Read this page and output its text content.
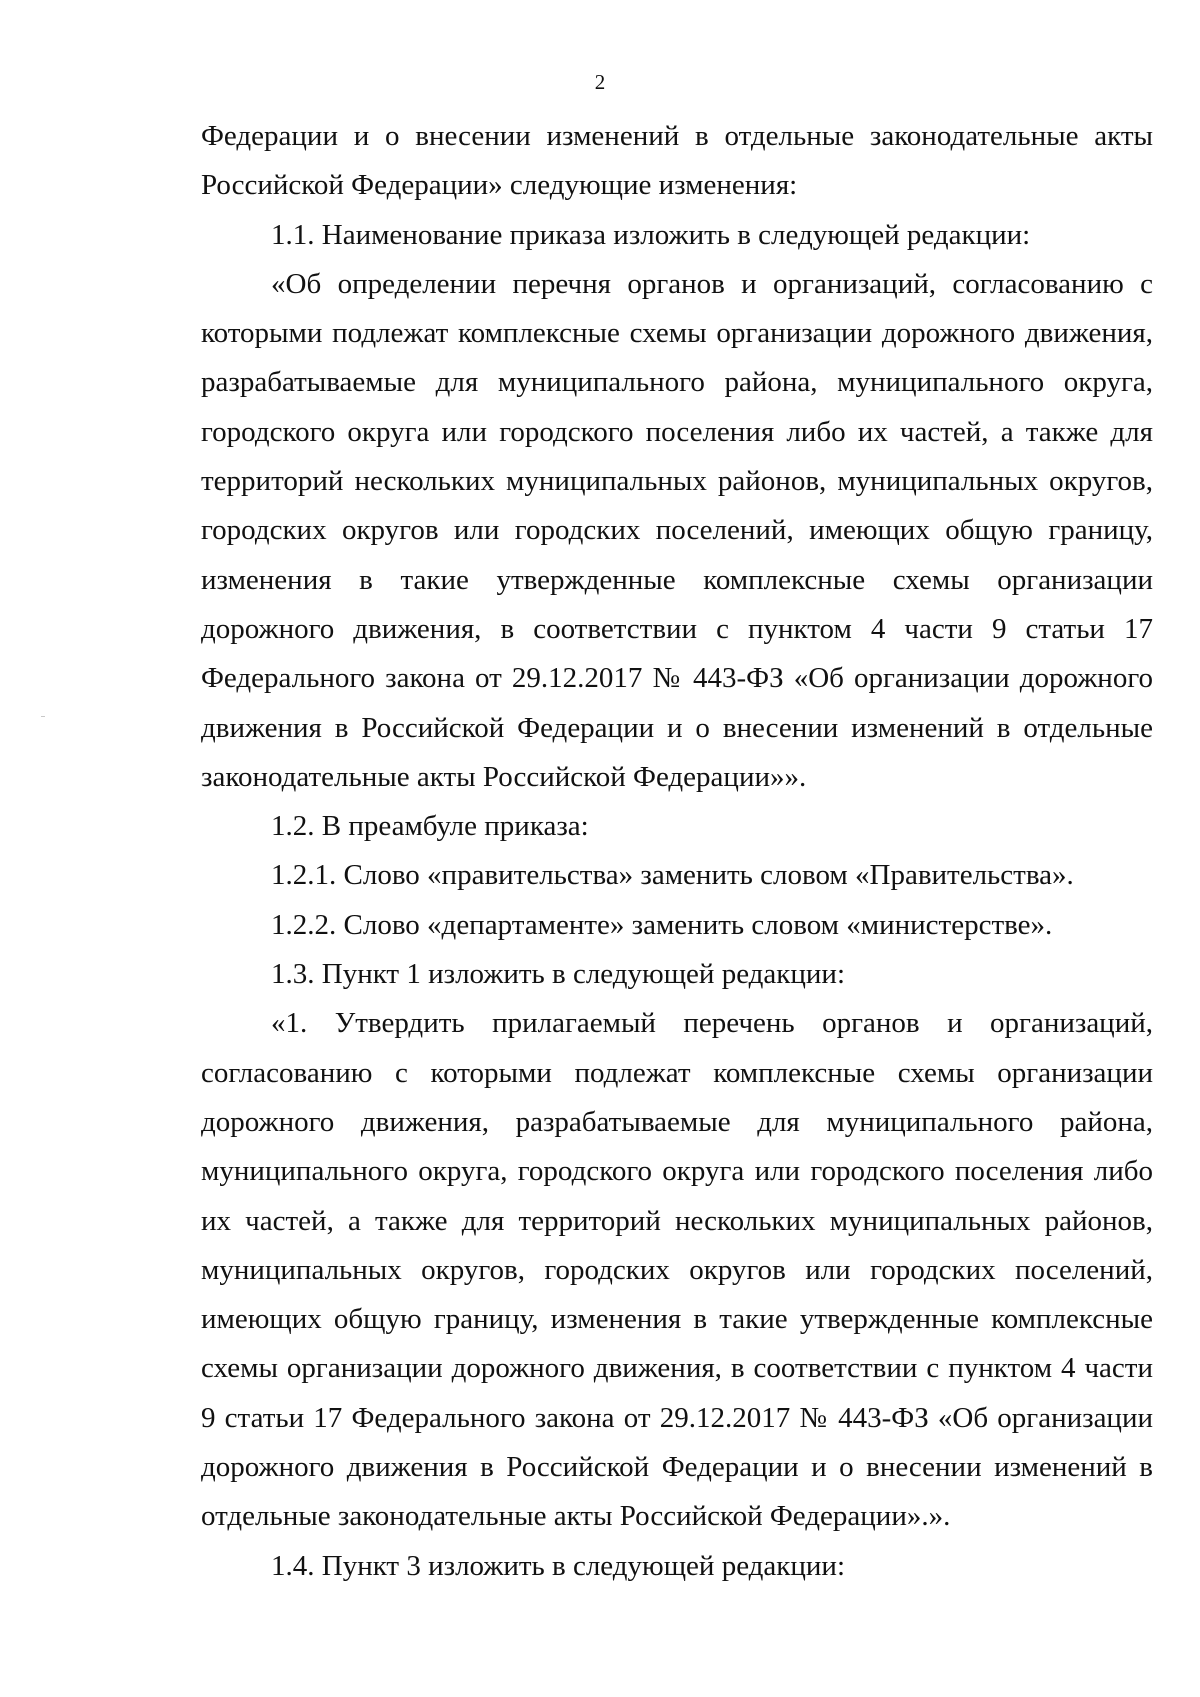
2

Федерации и о внесении изменений в отдельные законодательные акты Российской Федерации» следующие изменения:

1.1. Наименование приказа изложить в следующей редакции:

«Об определении перечня органов и организаций, согласованию с которыми подлежат комплексные схемы организации дорожного движения, разрабатываемые для муниципального района, муниципального округа, городского округа или городского поселения либо их частей, а также для территорий нескольких муниципальных районов, муниципальных округов, городских округов или городских поселений, имеющих общую границу, изменения в такие утвержденные комплексные схемы организации дорожного движения, в соответствии с пунктом 4 части 9 статьи 17 Федерального закона от 29.12.2017 № 443-ФЗ «Об организации дорожного движения в Российской Федерации и о внесении изменений в отдельные законодательные акты Российской Федерации»».

1.2. В преамбуле приказа:

1.2.1. Слово «правительства» заменить словом «Правительства».

1.2.2. Слово «департаменте» заменить словом «министерстве».

1.3. Пункт 1 изложить в следующей редакции:

«1. Утвердить прилагаемый перечень органов и организаций, согласованию с которыми подлежат комплексные схемы организации дорожного движения, разрабатываемые для муниципального района, муниципального округа, городского округа или городского поселения либо их частей, а также для территорий нескольких муниципальных районов, муниципальных округов, городских округов или городских поселений, имеющих общую границу, изменения в такие утвержденные комплексные схемы организации дорожного движения, в соответствии с пунктом 4 части 9 статьи 17 Федерального закона от 29.12.2017 № 443-ФЗ «Об организации дорожного движения в Российской Федерации и о внесении изменений в отдельные законодательные акты Российской Федерации».».

1.4. Пункт 3 изложить в следующей редакции:
